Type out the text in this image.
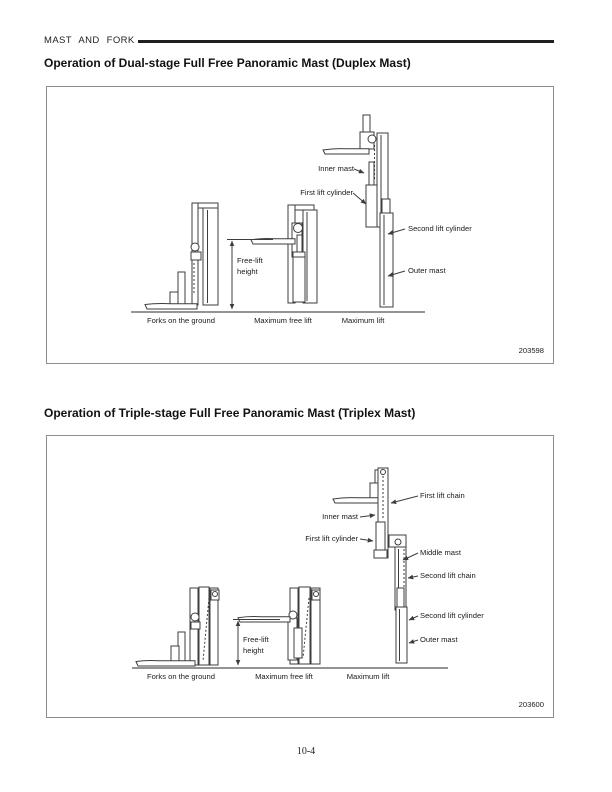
MAST AND FORK
Operation of Dual-stage Full Free Panoramic Mast (Duplex Mast)
Inner mast
First lift cylinder
Second lift cylinder
Outer mast
Free-lift
height
Forks on the ground	Maximum free lift	Maximum lift
203598
Operation of Triple-stage Full Free Panoramic Mast (Triplex Mast)
First lift chain
Inner mast
First lift cylinder
Middle mast
Second lift chain
Second lift cylinder
Outer mast
Free-lift
height
Forks on the ground	Maximum free lift	Maximum lift
203600
10-4
